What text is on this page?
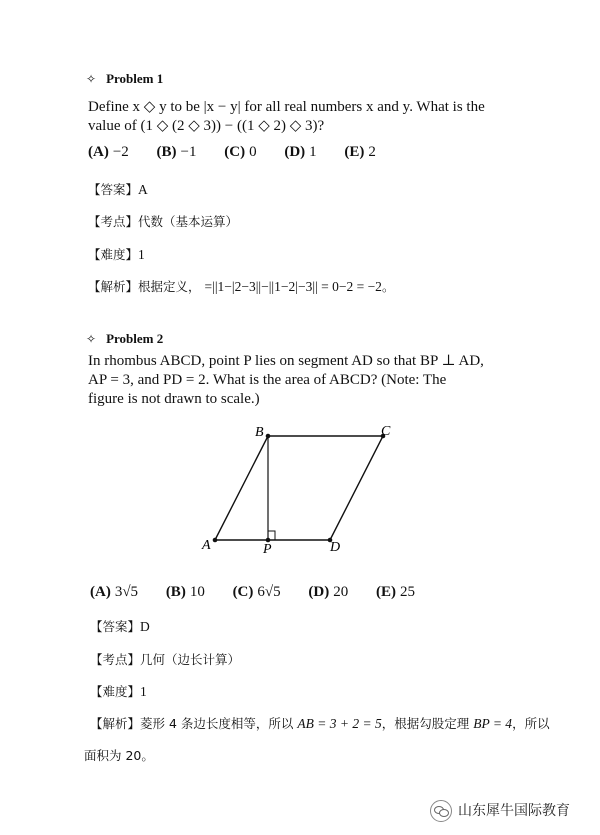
✧ Problem 1
Define x ◇ y to be |x − y| for all real numbers x and y. What is the
value of (1 ◇ (2 ◇ 3)) − ((1 ◇ 2) ◇ 3)?
(A) −2 (B) −1 (C) 0 (D) 1 (E) 2
【答案】A
【考点】代数（基本运算）
【难度】1
【解析】根据定义， =||1−|2−3||−||1−2|−3|| = 0−2 = −2。
✧ Problem 2
In rhombus ABCD, point P lies on segment AD so that BP ⊥ AD,
AP = 3, and PD = 2. What is the area of ABCD? (Note: The
figure is not drawn to scale.)
A
B	C
D
P
(A) 3√5 (B) 10 (C) 6√5 (D) 20 (E) 25
【答案】D
【考点】几何（边长计算）
【难度】1
【解析】菱形 4 条边长度相等，所以 AB = 3 + 2 = 5，根据勾股定理 BP = 4，所以
面积为 20。
山东犀牛国际教育
